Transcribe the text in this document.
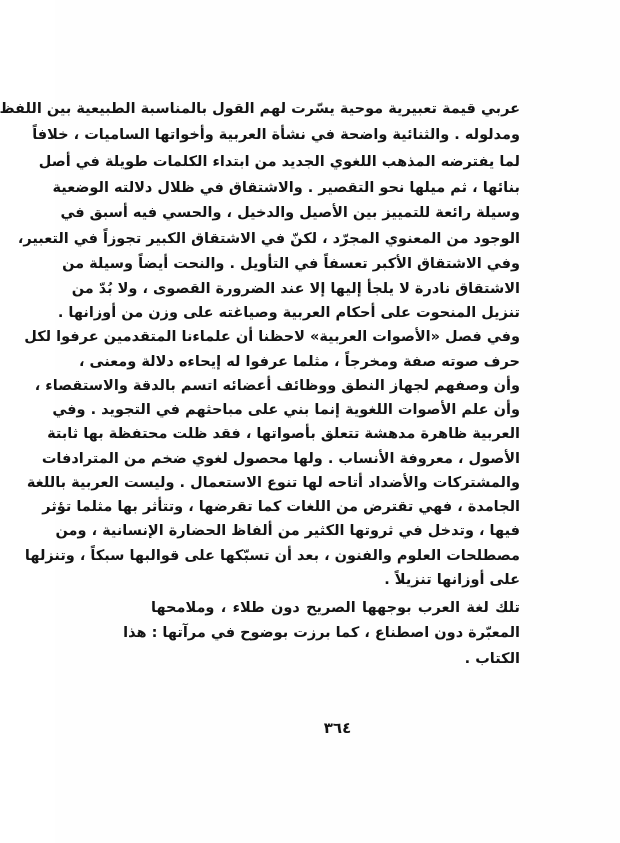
عربي قيمة تعبيرية موحية يسّرت لهم القول بالمناسبة الطبيعية بين اللفظ
ومدلوله . والثنائية واضحة في نشأة العربية وأخواتها الساميات ، خلافاً
لما يفترضه المذهب اللغوي الجديد من ابتداء الكلمات طويلة في أصل
بنائها ، ثم ميلها نحو التقصير . والاشتقاق في ظلال دلالته الوضعية
وسيلة رائعة للتمييز بين الأصيل والدخيل ، والحسي فيه أسبق في
الوجود من المعنوي المجرّد ، لكنّ في الاشتقاق الكبير تجوزاً في التعبير،
وفي الاشتقاق الأكبر تعسفاً في التأويل . والنحت أيضاً وسيلة من
الاشتقاق نادرة لا يلجأ إليها إلا عند الضرورة القصوى ، ولا بُدّ من
تنزيل المنحوت على أحكام العربية وصياغته على وزن من أوزانها .
وفي فصل «الأصوات العربية» لاحظنا أن علماءنا المتقدمين عرفوا لكل
حرف صوته صفة ومخرجاً ، مثلما عرفوا له إيحاءه دلالة ومعنى ،
وأن وصفهم لجهاز النطق ووظائف أعضائه اتسم بالدقة والاستقصاء ،
وأن علم الأصوات اللغوية إنما بني على مباحثهم في التجويد . وفي
العربية ظاهرة مدهشة تتعلق بأصواتها ، فقد ظلت محتفظة بها ثابتة
الأصول ، معروفة الأنساب . ولها محصول لغوي ضخم من المترادفات
والمشتركات والأضداد أتاحه لها تنوع الاستعمال . وليست العربية باللغة
الجامدة ، فهي تقترض من اللغات كما تقرضها ، وتتأثر بها مثلما تؤثر
فيها ، وتدخل في ثروتها الكثير من ألفاظ الحضارة الإنسانية ، ومن
مصطلحات العلوم والفنون ، بعد أن تسبّكها على قوالبها سبكاً ، وتنزلها
على أوزانها تنزيلاً .
تلك لغة العرب بوجهها الصريح دون طلاء ، وملامحها
المعبّرة دون اصطناع ، كما برزت بوضوح في مرآتها : هذا
الكتاب .
٣٦٤
